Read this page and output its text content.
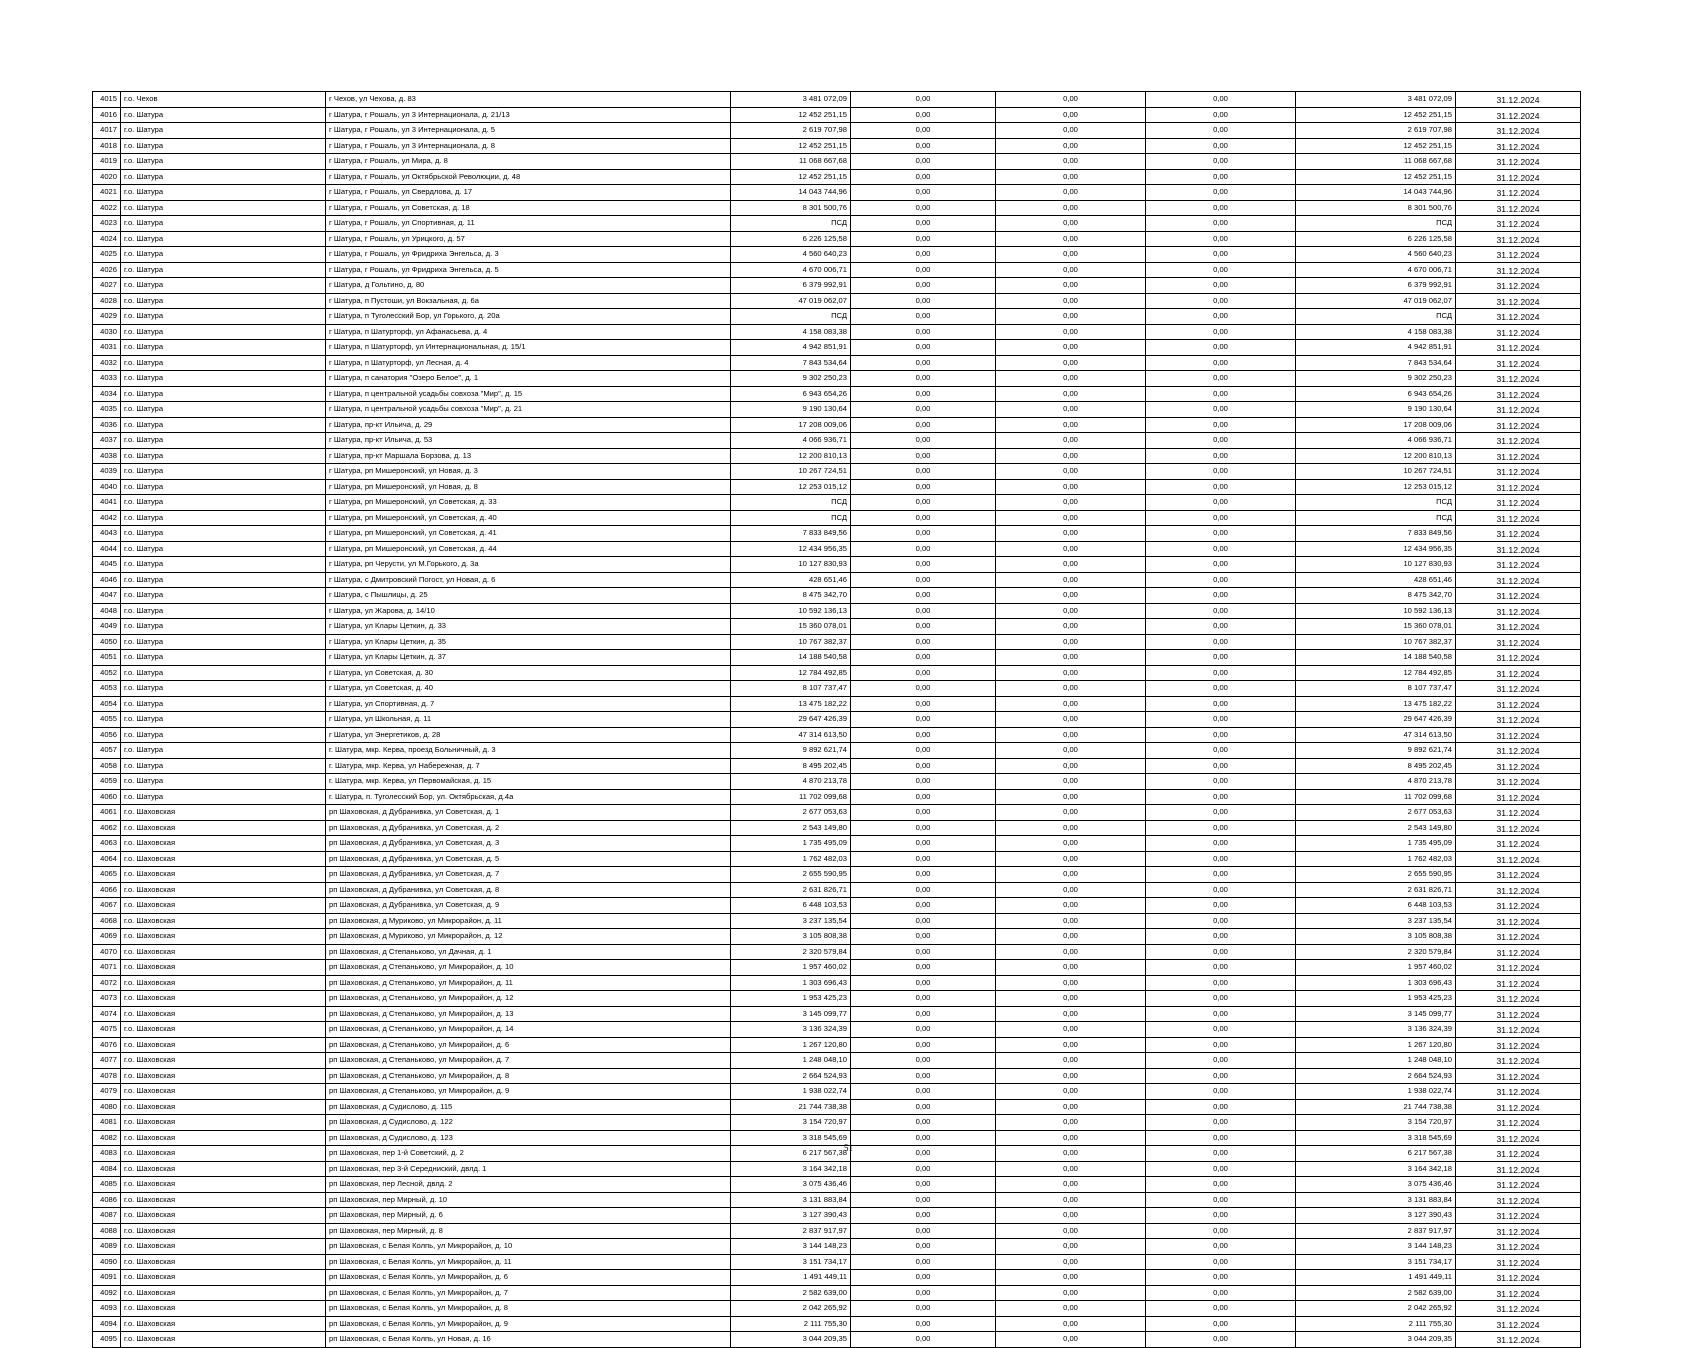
4015	г.о. Чехов	г Чехов, ул Чехова, д. 83	3 481 072,09	0,00	0,00	0,00	3 481 072,09	31.12.2024
4016	г.о. Шатура	г Шатура, г Рошаль, ул 3 Интернационала, д. 21/13	12 452 251,15	0,00	0,00	0,00	12 452 251,15	31.12.2024
4017	г.о. Шатура	г Шатура, г Рошаль, ул 3 Интернационала, д. 5	2 619 707,98	0,00	0,00	0,00	2 619 707,98	31.12.2024
4018	г.о. Шатура	г Шатура, г Рошаль, ул 3 Интернационала, д. 8	12 452 251,15	0,00	0,00	0,00	12 452 251,15	31.12.2024
4019	г.о. Шатура	г Шатура, г Рошаль, ул Мира, д. 8	11 068 667,68	0,00	0,00	0,00	11 068 667,68	31.12.2024
4020	г.о. Шатура	г Шатура, г Рошаль, ул Октябрьской Революции, д. 48	12 452 251,15	0,00	0,00	0,00	12 452 251,15	31.12.2024
4021	г.о. Шатура	г Шатура, г Рошаль, ул Свердлова, д. 17	14 043 744,96	0,00	0,00	0,00	14 043 744,96	31.12.2024
4022	г.о. Шатура	г Шатура, г Рошаль, ул Советская, д. 18	8 301 500,76	0,00	0,00	0,00	8 301 500,76	31.12.2024
4023	г.о. Шатура	г Шатура, г Рошаль, ул Спортивная, д. 11	ПСД	0,00	0,00	0,00	ПСД	31.12.2024
4024	г.о. Шатура	г Шатура, г Рошаль, ул Урицкого, д. 57	6 226 125,58	0,00	0,00	0,00	6 226 125,58	31.12.2024
4025	г.о. Шатура	г Шатура, г Рошаль, ул Фридриха Энгельса, д. 3	4 560 640,23	0,00	0,00	0,00	4 560 640,23	31.12.2024
4026	г.о. Шатура	г Шатура, г Рошаль, ул Фридриха Энгельса, д. 5	4 670 006,71	0,00	0,00	0,00	4 670 006,71	31.12.2024
4027	г.о. Шатура	г Шатура, д Гольтино, д. 80	6 379 992,91	0,00	0,00	0,00	6 379 992,91	31.12.2024
4028	г.о. Шатура	г Шатура, п Пустоши, ул Вокзальная, д. 6а	47 019 062,07	0,00	0,00	0,00	47 019 062,07	31.12.2024
4029	г.о. Шатура	г Шатура, п Туголесский Бор, ул Горького, д. 20а	ПСД	0,00	0,00	0,00	ПСД	31.12.2024
4030	г.о. Шатура	г Шатура, п Шатурторф, ул Афанасьева, д. 4	4 158 083,38	0,00	0,00	0,00	4 158 083,38	31.12.2024
4031	г.о. Шатура	г Шатура, п Шатурторф, ул Интернациональная, д. 15/1	4 942 851,91	0,00	0,00	0,00	4 942 851,91	31.12.2024
4032	г.о. Шатура	г Шатура, п Шатурторф, ул Лесная, д. 4	7 843 534,64	0,00	0,00	0,00	7 843 534,64	31.12.2024
4033	г.о. Шатура	г Шатура, п санатория "Озеро Белое", д. 1	9 302 250,23	0,00	0,00	0,00	9 302 250,23	31.12.2024
4034	г.о. Шатура	г Шатура, п центральной усадьбы совхоза "Мир", д. 15	6 943 654,26	0,00	0,00	0,00	6 943 654,26	31.12.2024
4035	г.о. Шатура	г Шатура, п центральной усадьбы совхоза "Мир", д. 21	9 190 130,64	0,00	0,00	0,00	9 190 130,64	31.12.2024
4036	г.о. Шатура	г Шатура, пр-кт Ильича, д. 29	17 208 009,06	0,00	0,00	0,00	17 208 009,06	31.12.2024
4037	г.о. Шатура	г Шатура, пр-кт Ильича, д. 53	4 066 936,71	0,00	0,00	0,00	4 066 936,71	31.12.2024
4038	г.о. Шатура	г Шатура, пр-кт Маршала Борзова, д. 13	12 200 810,13	0,00	0,00	0,00	12 200 810,13	31.12.2024
4039	г.о. Шатура	г Шатура, рп Мишеронский, ул Новая, д. 3	10 267 724,51	0,00	0,00	0,00	10 267 724,51	31.12.2024
4040	г.о. Шатура	г Шатура, рп Мишеронский, ул Новая, д. 8	12 253 015,12	0,00	0,00	0,00	12 253 015,12	31.12.2024
4041	г.о. Шатура	г Шатура, рп Мишеронский, ул Советская, д. 33	ПСД	0,00	0,00	0,00	ПСД	31.12.2024
4042	г.о. Шатура	г Шатура, рп Мишеронский, ул Советская, д. 40	ПСД	0,00	0,00	0,00	ПСД	31.12.2024
4043	г.о. Шатура	г Шатура, рп Мишеронский, ул Советская, д. 41	7 833 849,56	0,00	0,00	0,00	7 833 849,56	31.12.2024
4044	г.о. Шатура	г Шатура, рп Мишеронский, ул Советская, д. 44	12 434 956,35	0,00	0,00	0,00	12 434 956,35	31.12.2024
4045	г.о. Шатура	г Шатура, рп Черусти, ул М.Горького, д. 3а	10 127 830,93	0,00	0,00	0,00	10 127 830,93	31.12.2024
4046	г.о. Шатура	г Шатура, с Дмитровский Погост, ул Новая, д. 6	428 651,46	0,00	0,00	0,00	428 651,46	31.12.2024
4047	г.о. Шатура	г Шатура, с Пышлицы, д. 25	8 475 342,70	0,00	0,00	0,00	8 475 342,70	31.12.2024
4048	г.о. Шатура	г Шатура, ул Жарова, д. 14/10	10 592 136,13	0,00	0,00	0,00	10 592 136,13	31.12.2024
4049	г.о. Шатура	г Шатура, ул Клары Цеткин, д. 33	15 360 078,01	0,00	0,00	0,00	15 360 078,01	31.12.2024
4050	г.о. Шатура	г Шатура, ул Клары Цеткин, д. 35	10 767 382,37	0,00	0,00	0,00	10 767 382,37	31.12.2024
4051	г.о. Шатура	г Шатура, ул Клары Цеткин, д. 37	14 188 540,58	0,00	0,00	0,00	14 188 540,58	31.12.2024
4052	г.о. Шатура	г Шатура, ул Советская, д. 30	12 784 492,85	0,00	0,00	0,00	12 784 492,85	31.12.2024
4053	г.о. Шатура	г Шатура, ул Советская, д. 40	8 107 737,47	0,00	0,00	0,00	8 107 737,47	31.12.2024
4054	г.о. Шатура	г Шатура, ул Спортивная, д. 7	13 475 182,22	0,00	0,00	0,00	13 475 182,22	31.12.2024
4055	г.о. Шатура	г Шатура, ул Школьная, д. 11	29 647 426,39	0,00	0,00	0,00	29 647 426,39	31.12.2024
4056	г.о. Шатура	г Шатура, ул Энергетиков, д. 28	47 314 613,50	0,00	0,00	0,00	47 314 613,50	31.12.2024
4057	г.о. Шатура	г. Шатура, мкр. Керва, проезд Больничный, д. 3	9 892 621,74	0,00	0,00	0,00	9 892 621,74	31.12.2024
4058	г.о. Шатура	г. Шатура, мкр. Керва, ул Набережная, д. 7	8 495 202,45	0,00	0,00	0,00	8 495 202,45	31.12.2024
4059	г.о. Шатура	г. Шатура, мкр. Керва, ул Первомайская, д. 15	4 870 213,78	0,00	0,00	0,00	4 870 213,78	31.12.2024
4060	г.о. Шатура	г. Шатура, п. Туголесский Бор, ул. Октябрьская, д.4а	11 702 099,68	0,00	0,00	0,00	11 702 099,68	31.12.2024
4061	г.о. Шаховская	рп Шаховская, д Дубранивка, ул Советская, д. 1	2 677 053,63	0,00	0,00	0,00	2 677 053,63	31.12.2024
4062	г.о. Шаховская	рп Шаховская, д Дубранивка, ул Советская, д. 2	2 543 149,80	0,00	0,00	0,00	2 543 149,80	31.12.2024
4063	г.о. Шаховская	рп Шаховская, д Дубранивка, ул Советская, д. 3	1 735 495,09	0,00	0,00	0,00	1 735 495,09	31.12.2024
4064	г.о. Шаховская	рп Шаховская, д Дубранивка, ул Советская, д. 5	1 762 482,03	0,00	0,00	0,00	1 762 482,03	31.12.2024
4065	г.о. Шаховская	рп Шаховская, д Дубранивка, ул Советская, д. 7	2 655 590,95	0,00	0,00	0,00	2 655 590,95	31.12.2024
4066	г.о. Шаховская	рп Шаховская, д Дубранивка, ул Советская, д. 8	2 631 826,71	0,00	0,00	0,00	2 631 826,71	31.12.2024
4067	г.о. Шаховская	рп Шаховская, д Дубранивка, ул Советская, д. 9	6 448 103,53	0,00	0,00	0,00	6 448 103,53	31.12.2024
4068	г.о. Шаховская	рп Шаховская, д Муриково, ул Микрорайон, д. 11	3 237 135,54	0,00	0,00	0,00	3 237 135,54	31.12.2024
4069	г.о. Шаховская	рп Шаховская, д Муриково, ул Микрорайон, д. 12	3 105 808,38	0,00	0,00	0,00	3 105 808,38	31.12.2024
4070	г.о. Шаховская	рп Шаховская, д Степаньково, ул Дачная, д. 1	2 320 579,84	0,00	0,00	0,00	2 320 579,84	31.12.2024
4071	г.о. Шаховская	рп Шаховская, д Степаньково, ул Микрорайон, д. 10	1 957 460,02	0,00	0,00	0,00	1 957 460,02	31.12.2024
4072	г.о. Шаховская	рп Шаховская, д Степаньково, ул Микрорайон, д. 11	1 303 696,43	0,00	0,00	0,00	1 303 696,43	31.12.2024
4073	г.о. Шаховская	рп Шаховская, д Степаньково, ул Микрорайон, д. 12	1 953 425,23	0,00	0,00	0,00	1 953 425,23	31.12.2024
4074	г.о. Шаховская	рп Шаховская, д Степаньково, ул Микрорайон, д. 13	3 145 099,77	0,00	0,00	0,00	3 145 099,77	31.12.2024
4075	г.о. Шаховская	рп Шаховская, д Степаньково, ул Микрорайон, д. 14	3 136 324,39	0,00	0,00	0,00	3 136 324,39	31.12.2024
4076	г.о. Шаховская	рп Шаховская, д Степаньково, ул Микрорайон, д. 6	1 267 120,80	0,00	0,00	0,00	1 267 120,80	31.12.2024
4077	г.о. Шаховская	рп Шаховская, д Степаньково, ул Микрорайон, д. 7	1 248 048,10	0,00	0,00	0,00	1 248 048,10	31.12.2024
4078	г.о. Шаховская	рп Шаховская, д Степаньково, ул Микрорайон, д. 8	2 664 524,93	0,00	0,00	0,00	2 664 524,93	31.12.2024
4079	г.о. Шаховская	рп Шаховская, д Степаньково, ул Микрорайон, д. 9	1 938 022,74	0,00	0,00	0,00	1 938 022,74	31.12.2024
4080	г.о. Шаховская	рп Шаховская, д Судислово, д. 115	21 744 738,38	0,00	0,00	0,00	21 744 738,38	31.12.2024
4081	г.о. Шаховская	рп Шаховская, д Судислово, д. 122	3 154 720,97	0,00	0,00	0,00	3 154 720,97	31.12.2024
4082	г.о. Шаховская	рп Шаховская, д Судислово, д. 123	3 318 545,69	0,00	0,00	0,00	3 318 545,69	31.12.2024
4083	г.о. Шаховская	рп Шаховская, пер 1-й Советский, д. 2	6 217 567,38	0,00	0,00	0,00	6 217 567,38	31.12.2024
4084	г.о. Шаховская	рп Шаховская, пер 3-й Середниский, двлд. 1	3 164 342,18	0,00	0,00	0,00	3 164 342,18	31.12.2024
4085	г.о. Шаховская	рп Шаховская, пер Лесной, двлд. 2	3 075 436,46	0,00	0,00	0,00	3 075 436,46	31.12.2024
4086	г.о. Шаховская	рп Шаховская, пер Мирный, д. 10	3 131 883,84	0,00	0,00	0,00	3 131 883,84	31.12.2024
4087	г.о. Шаховская	рп Шаховская, пер Мирный, д. 6	3 127 390,43	0,00	0,00	0,00	3 127 390,43	31.12.2024
4088	г.о. Шаховская	рп Шаховская, пер Мирный, д. 8	2 837 917,97	0,00	0,00	0,00	2 837 917,97	31.12.2024
4089	г.о. Шаховская	рп Шаховская, с Белая Колпь, ул Микрорайон, д. 10	3 144 148,23	0,00	0,00	0,00	3 144 148,23	31.12.2024
4090	г.о. Шаховская	рп Шаховская, с Белая Колпь, ул Микрорайон, д. 11	3 151 734,17	0,00	0,00	0,00	3 151 734,17	31.12.2024
4091	г.о. Шаховская	рп Шаховская, с Белая Колпь, ул Микрорайон, д. 6	1 491 449,11	0,00	0,00	0,00	1 491 449,11	31.12.2024
4092	г.о. Шаховская	рп Шаховская, с Белая Колпь, ул Микрорайон, д. 7	2 582 639,00	0,00	0,00	0,00	2 582 639,00	31.12.2024
4093	г.о. Шаховская	рп Шаховская, с Белая Колпь, ул Микрорайон, д. 8	2 042 265,92	0,00	0,00	0,00	2 042 265,92	31.12.2024
4094	г.о. Шаховская	рп Шаховская, с Белая Колпь, ул Микрорайон, д. 9	2 111 755,30	0,00	0,00	0,00	2 111 755,30	31.12.2024
4095	г.о. Шаховская	рп Шаховская, с Белая Колпь, ул Новая, д. 16	3 044 209,35	0,00	0,00	0,00	3 044 209,35	31.12.2024
51
